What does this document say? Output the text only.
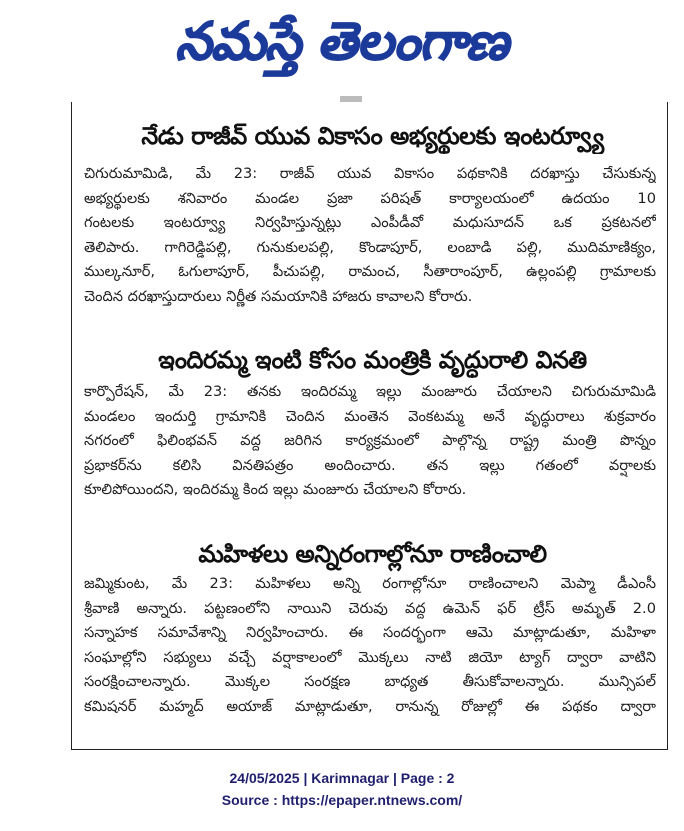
నమస్తే తెలంగాణ
నేడు రాజీవ్ యువ వికాసం అభ్యర్థులకు ఇంటర్వ్యూ
చిగురుమామిడి, మే 23: రాజీవ్ యువ వికాసం పథకానికి దరఖాస్తు చేసుకున్న
అభ్యర్థులకు శనివారం మండల ప్రజా పరిషత్ కార్యాలయంలో ఉదయం 10
గంటలకు ఇంటర్వ్యూ నిర్వహిస్తున్నట్లు ఎంపీడీవో మధుసూదన్ ఒక ప్రకటనలో
తెలిపారు. గాగిరెడ్డిపల్లి, గునుకులపల్లి, కొండాపూర్, లంబాడి పల్లి, ముదిమాణిక్యం,
ముల్కనూర్, ఓగులాపూర్, పీచుపల్లి, రామంచ, సీతారాంపూర్, ఉల్లంపల్లి గ్రామాలకు
చెందిన దరఖాస్తుదారులు నిర్ణీత సమయానికి హాజరు కావాలని కోరారు.
ఇందిరమ్మ ఇంటి కోసం మంత్రికి వృద్ధురాలి వినతి
కార్పొరేషన్, మే 23: తనకు ఇందిరమ్మ ఇల్లు మంజూరు చేయాలని చిగురుమామిడి
మండలం ఇందుర్తి గ్రామానికి చెందిన మంతెన వెంకటమ్మ అనే వృద్ధురాలు శుక్రవారం
నగరంలో ఫిలింభవన్ వద్ద జరిగిన కార్యక్రమంలో పాల్గొన్న రాష్ట్ర మంత్రి పొన్నం
ప్రభాకర్‌ను కలిసి వినతిపత్రం అందించారు. తన ఇల్లు గతంలో వర్షాలకు
కూలిపోయిందని, ఇందిరమ్మ కింద ఇల్లు మంజూరు చేయాలని కోరారు.
మహిళలు అన్నిరంగాల్లోనూ రాణించాలి
జమ్మికుంట, మే 23: మహిళలు అన్ని రంగాల్లోనూ రాణించాలని మెప్మా డీఎంసీ
శ్రీవాణి అన్నారు. పట్టణంలోని నాయిని చెరువు వద్ద ఉమెన్ ఫర్ ట్రీస్ అమృత్ 2.0
సన్నాహక సమావేశాన్ని నిర్వహించారు. ఈ సందర్భంగా ఆమె మాట్లాడుతూ, మహిళా
సంఘాల్లోని సభ్యులు వచ్చే వర్షాకాలంలో మొక్కలు నాటి జియో ట్యాగ్ ద్వారా వాటిని
సంరక్షించాలన్నారు. మొక్కల సంరక్షణ బాధ్యత తీసుకోవాలన్నారు. మున్సిపల్
కమిషనర్ మహ్మద్ అయాజ్ మాట్లాడుతూ, రానున్న రోజుల్లో ఈ పథకం ద్వారా
24/05/2025 | Karimnagar | Page : 2
Source : https://epaper.ntnews.com/
